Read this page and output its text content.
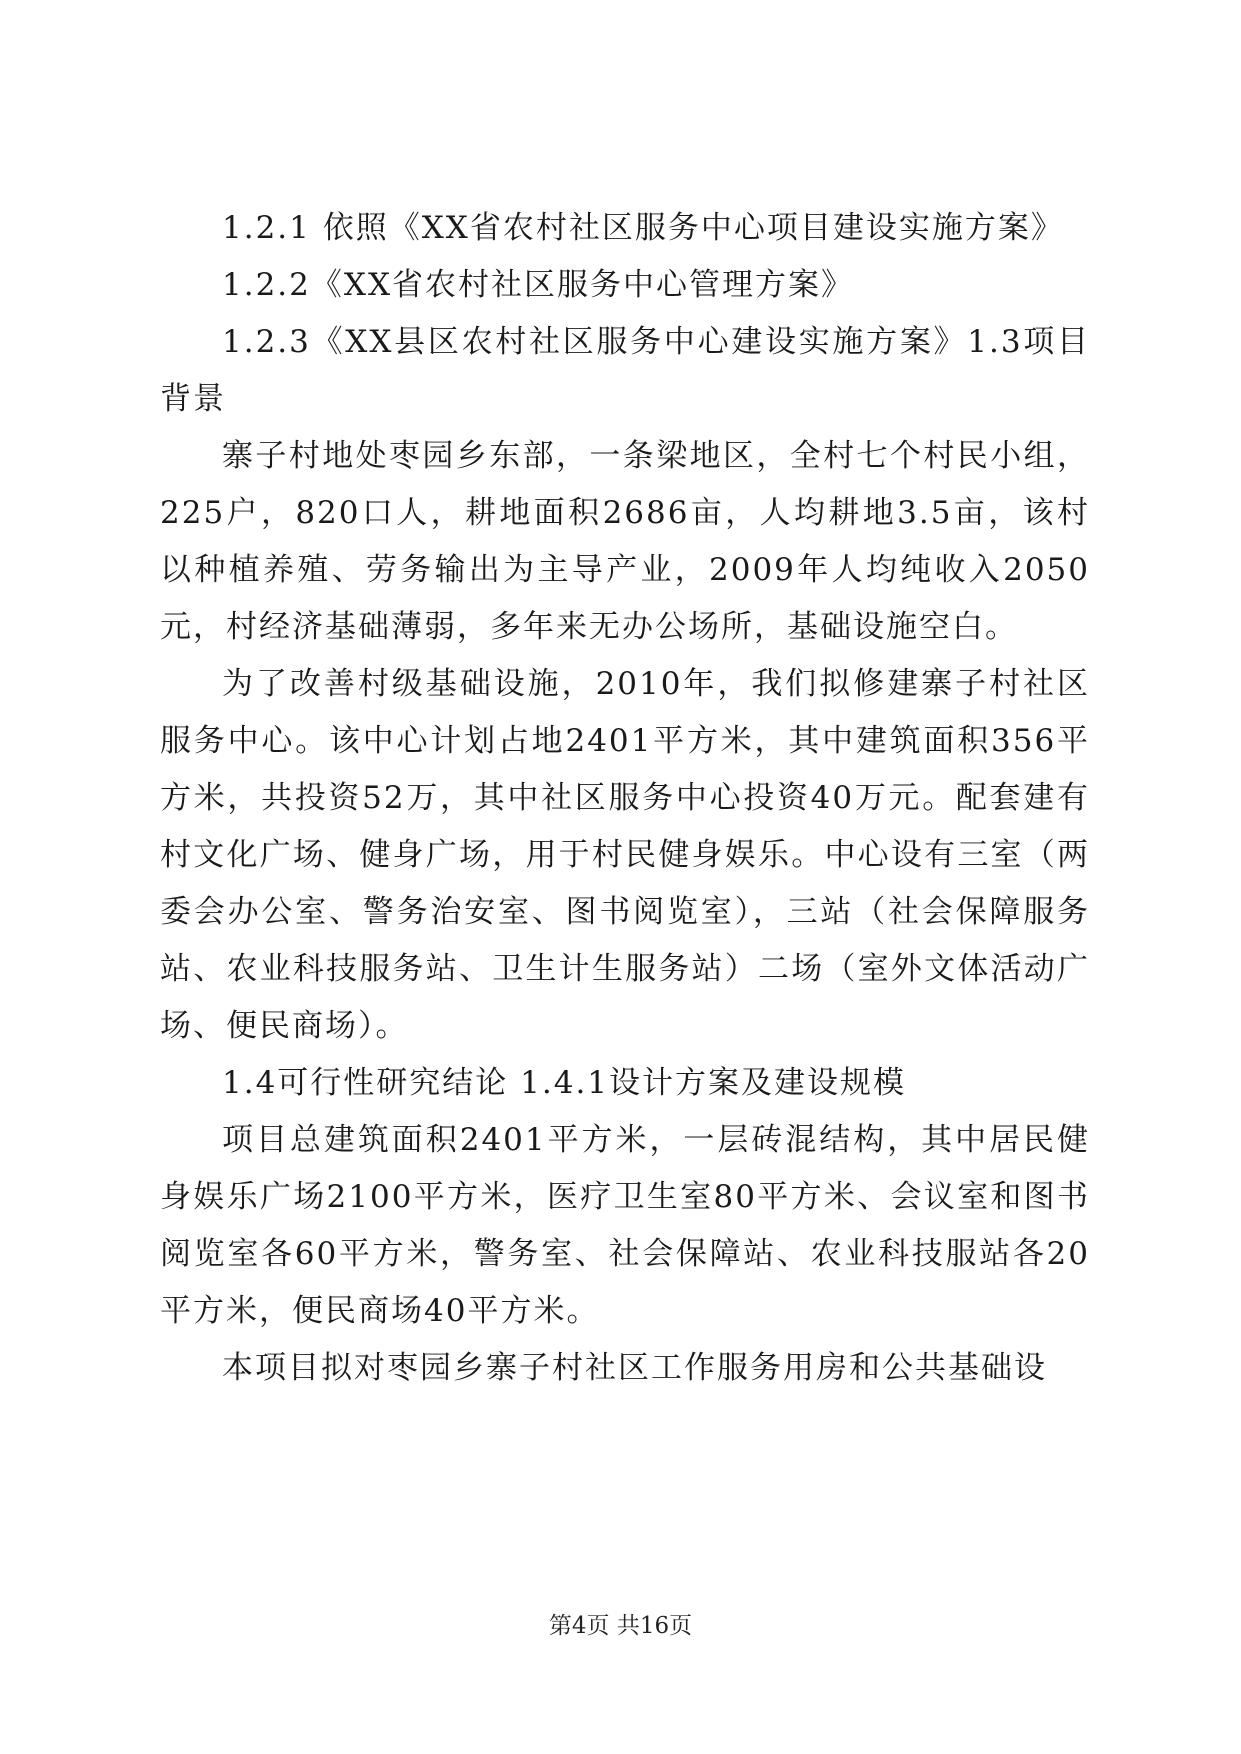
1.2.1 依照《XX省农村社区服务中心项目建设实施方案》

1.2.2《XX省农村社区服务中心管理方案》

1.2.3《XX县区农村社区服务中心建设实施方案》1.3项目背景

寨子村地处枣园乡东部，一条梁地区，全村七个村民小组，225户，820口人，耕地面积2686亩，人均耕地3.5亩，该村以种植养殖、劳务输出为主导产业，2009年人均纯收入2050元，村经济基础薄弱，多年来无办公场所，基础设施空白。

为了改善村级基础设施，2010年，我们拟修建寨子村社区服务中心。该中心计划占地2401平方米，其中建筑面积356平方米，共投资52万，其中社区服务中心投资40万元。配套建有村文化广场、健身广场，用于村民健身娱乐。中心设有三室（两委会办公室、警务治安室、图书阅览室），三站（社会保障服务站、农业科技服务站、卫生计生服务站）二场（室外文体活动广场、便民商场）。

1.4可行性研究结论 1.4.1设计方案及建设规模

项目总建筑面积2401平方米，一层砖混结构，其中居民健身娱乐广场2100平方米，医疗卫生室80平方米、会议室和图书阅览室各60平方米，警务室、社会保障站、农业科技服站各20平方米，便民商场40平方米。

本项目拟对枣园乡寨子村社区工作服务用房和公共基础设

第4页 共16页
